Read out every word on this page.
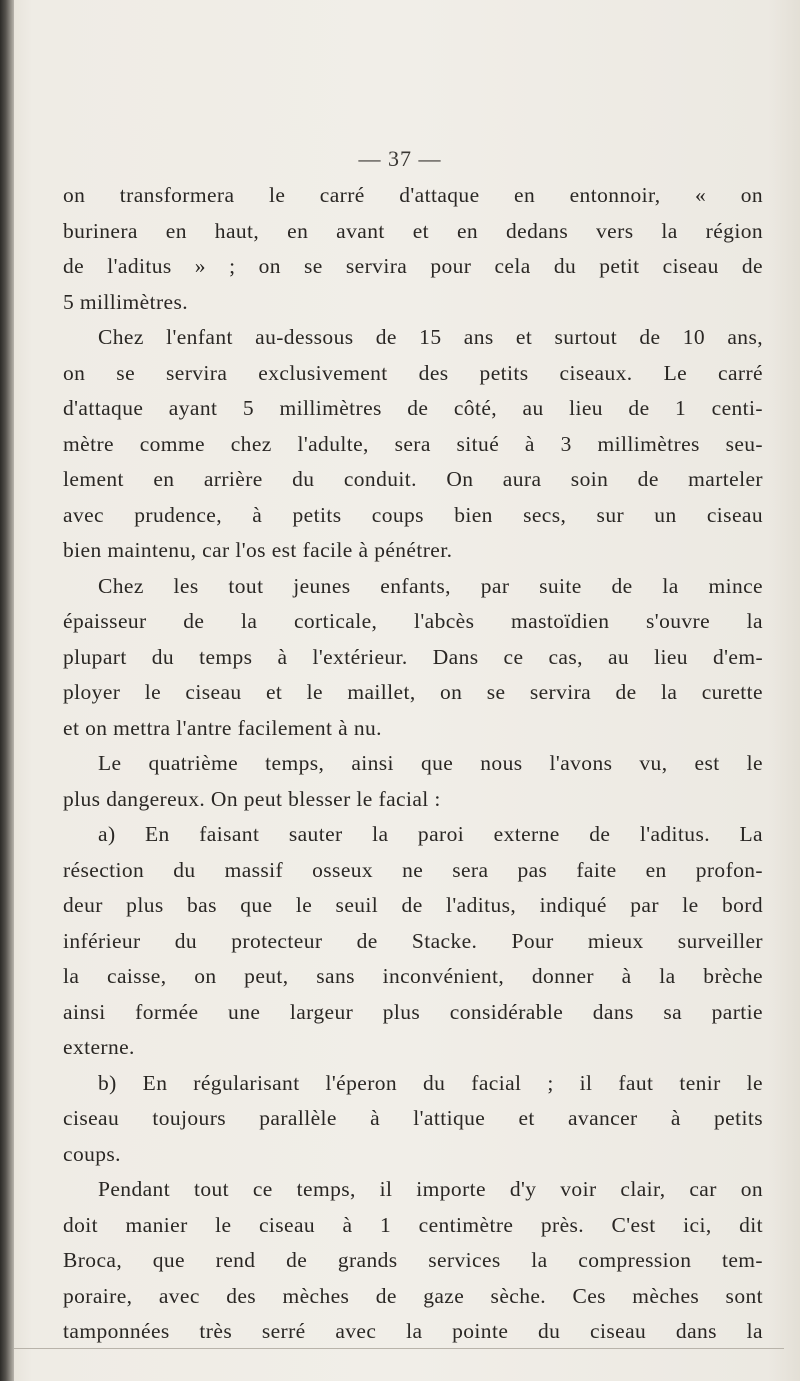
— 37 —
on transformera le carré d'attaque en entonnoir, « on
burinera en haut, en avant et en dedans vers la région
de l'aditus » ; on se servira pour cela du petit ciseau de
5 millimètres.
Chez l'enfant au-dessous de 15 ans et surtout de 10 ans,
on se servira exclusivement des petits ciseaux. Le carré
d'attaque ayant 5 millimètres de côté, au lieu de 1 centi-
mètre comme chez l'adulte, sera situé à 3 millimètres seu-
lement en arrière du conduit. On aura soin de marteler
avec prudence, à petits coups bien secs, sur un ciseau
bien maintenu, car l'os est facile à pénétrer.
Chez les tout jeunes enfants, par suite de la mince
épaisseur de la corticale, l'abcès mastoïdien s'ouvre la
plupart du temps à l'extérieur. Dans ce cas, au lieu d'em-
ployer le ciseau et le maillet, on se servira de la curette
et on mettra l'antre facilement à nu.
Le quatrième temps, ainsi que nous l'avons vu, est le
plus dangereux. On peut blesser le facial :
a) En faisant sauter la paroi externe de l'aditus. La
résection du massif osseux ne sera pas faite en profon-
deur plus bas que le seuil de l'aditus, indiqué par le bord
inférieur du protecteur de Stacke. Pour mieux surveiller
la caisse, on peut, sans inconvénient, donner à la brèche
ainsi formée une largeur plus considérable dans sa partie
externe.
b) En régularisant l'éperon du facial ; il faut tenir le
ciseau toujours parallèle à l'attique et avancer à petits
coups.
Pendant tout ce temps, il importe d'y voir clair, car on
doit manier le ciseau à 1 centimètre près. C'est ici, dit
Broca, que rend de grands services la compression tem-
poraire, avec des mèches de gaze sèche. Ces mèches sont
tamponnées très serré avec la pointe du ciseau dans la
